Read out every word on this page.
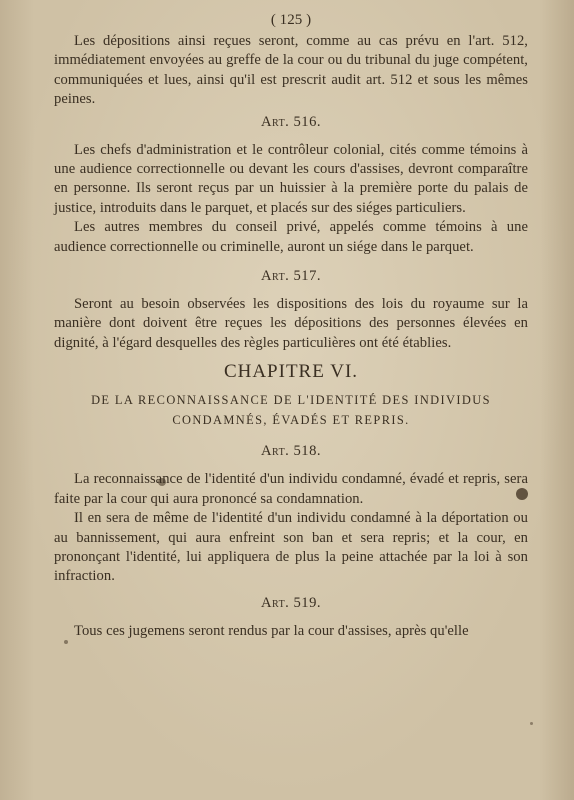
( 125 )

Les dépositions ainsi reçues seront, comme au cas prévu en l'art. 512, immédiatement envoyées au greffe de la cour ou du tribunal du juge compétent, communiquées et lues, ainsi qu'il est prescrit audit art. 512 et sous les mêmes peines.

Art. 516.

Les chefs d'administration et le contrôleur colonial, cités comme témoins à une audience correctionnelle ou devant les cours d'assises, devront comparaître en personne. Ils seront reçus par un huissier à la première porte du palais de justice, introduits dans le parquet, et placés sur des siéges particuliers.

Les autres membres du conseil privé, appelés comme témoins à une audience correctionnelle ou criminelle, auront un siége dans le parquet.

Art. 517.

Seront au besoin observées les dispositions des lois du royaume sur la manière dont doivent être reçues les dépositions des personnes élevées en dignité, à l'égard desquelles des règles particulières ont été établies.

CHAPITRE VI.
DE LA RECONNAISSANCE DE L'IDENTITÉ DES INDIVIDUS CONDAMNÉS, ÉVADÉS ET REPRIS.
Art. 518.

La reconnaissance de l'identité d'un individu condamné, évadé et repris, sera faite par la cour qui aura prononcé sa condamnation.

Il en sera de même de l'identité d'un individu condamné à la déportation ou au bannissement, qui aura enfreint son ban et sera repris; et la cour, en prononçant l'identité, lui appliquera de plus la peine attachée par la loi à son infraction.

Art. 519.

Tous ces jugemens seront rendus par la cour d'assises, après qu'elle
